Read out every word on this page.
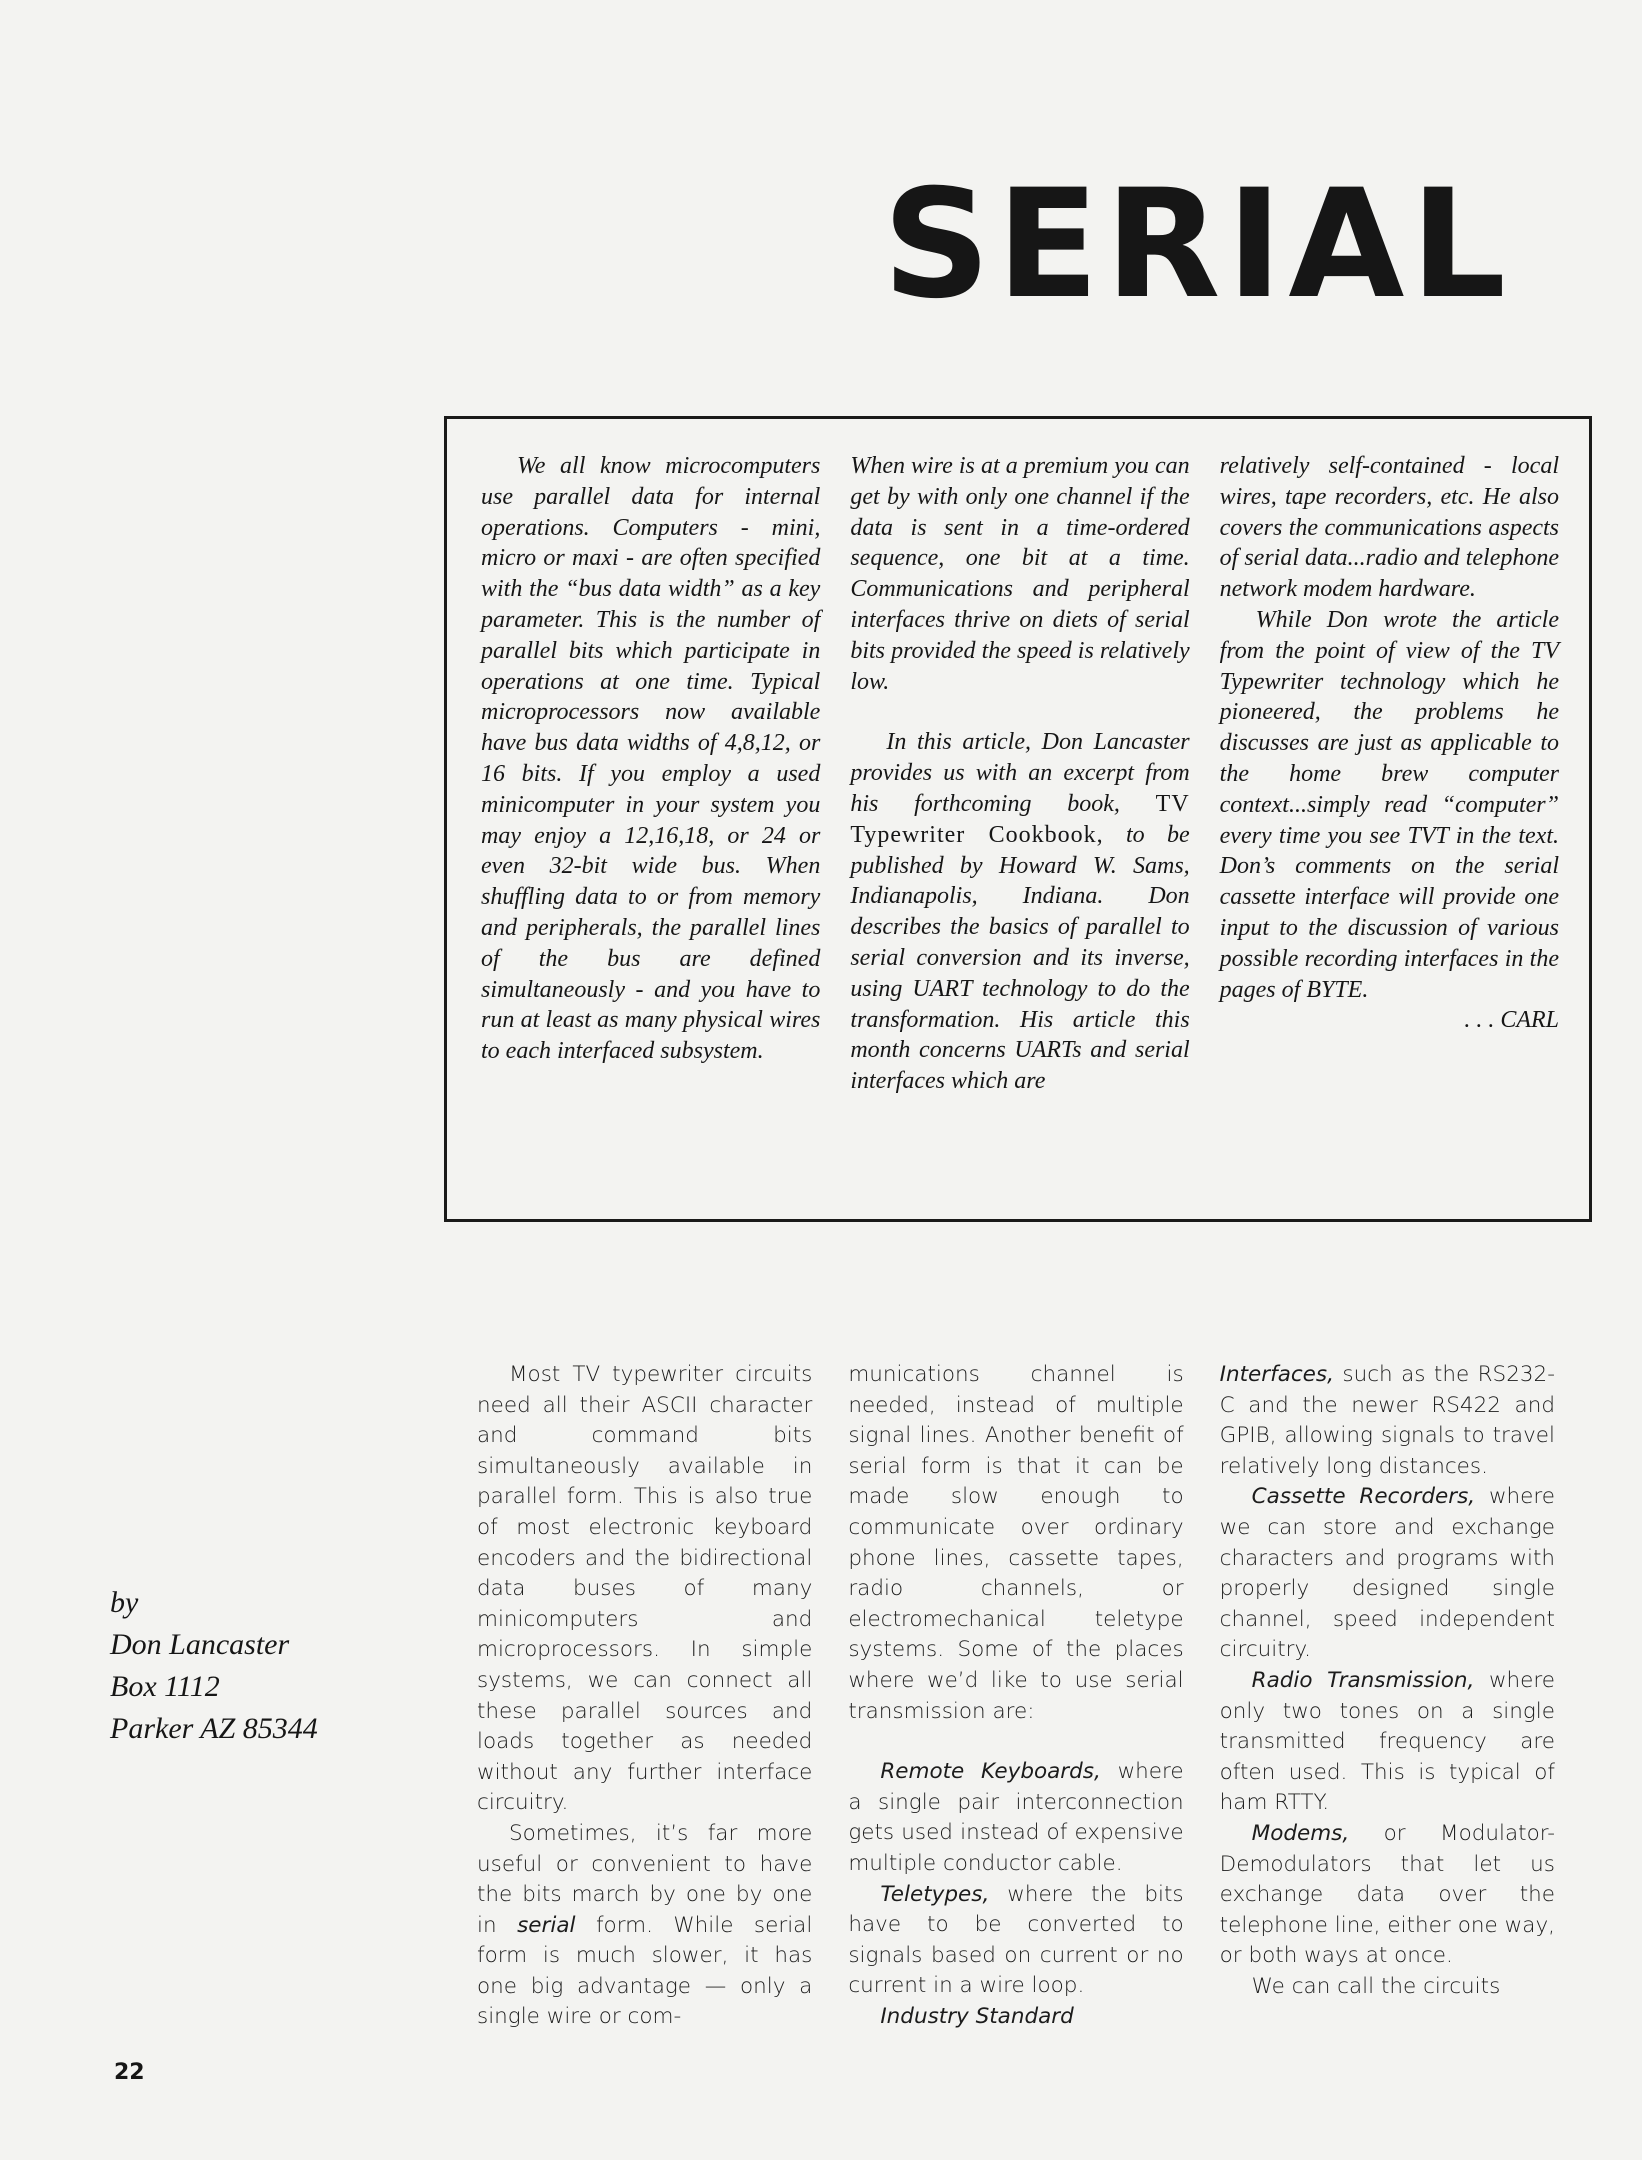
SERIAL

We all know microcomputers use parallel data for internal operations. Computers - mini, micro or maxi - are often specified with the “bus data width” as a key parameter. This is the number of parallel bits which participate in operations at one time. Typical microprocessors now available have bus data widths of 4,8,12, or 16 bits. If you employ a used minicomputer in your system you may enjoy a 12,16,18, or 24 or even 32-bit wide bus. When shuffling data to or from memory and peripherals, the parallel lines of the bus are defined simultaneously - and you have to run at least as many physical wires to each interfaced subsystem.

When wire is at a premium you can get by with only one channel if the data is sent in a time-ordered sequence, one bit at a time. Communications and peripheral interfaces thrive on diets of serial bits provided the speed is relatively low.

In this article, Don Lancaster provides us with an excerpt from his forthcoming book, TV Typewriter Cookbook, to be published by Howard W. Sams, Indianapolis, Indiana. Don describes the basics of parallel to serial conversion and its inverse, using UART technology to do the transformation. His article this month concerns UARTs and serial interfaces which are

relatively self-contained - local wires, tape recorders, etc. He also covers the communications aspects of serial data...radio and telephone network modem hardware.

While Don wrote the article from the point of view of the TV Typewriter technology which he pioneered, the problems he discusses are just as applicable to the home brew computer context...simply read “computer” every time you see TVT in the text. Don’s comments on the serial cassette interface will provide one input to the discussion of various possible recording interfaces in the pages of BYTE.

. . . CARL

by
Don Lancaster
Box 1112
Parker AZ 85344

Most TV typewriter circuits need all their ASCII character and command bits simultaneously available in parallel form. This is also true of most electronic keyboard encoders and the bidirectional data buses of many minicomputers and microprocessors. In simple systems, we can connect all these parallel sources and loads together as needed without any further interface circuitry.

Sometimes, it’s far more useful or convenient to have the bits march by one by one in serial form. While serial form is much slower, it has one big advantage — only a single wire or com-

munications channel is needed, instead of multiple signal lines. Another benefit of serial form is that it can be made slow enough to communicate over ordinary phone lines, cassette tapes, radio channels, or electromechanical teletype systems. Some of the places where we’d like to use serial transmission are:

Remote Keyboards, where a single pair interconnection gets used instead of expensive multiple conductor cable.

Teletypes, where the bits have to be converted to signals based on current or no current in a wire loop.

Industry Standard

Interfaces, such as the RS232-C and the newer RS422 and GPIB, allowing signals to travel relatively long distances.

Cassette Recorders, where we can store and exchange characters and programs with properly designed single channel, speed independent circuitry.

Radio Transmission, where only two tones on a single transmitted frequency are often used. This is typical of ham RTTY.

Modems, or Modulator-Demodulators that let us exchange data over the telephone line, either one way, or both ways at once.

We can call the circuits

22
